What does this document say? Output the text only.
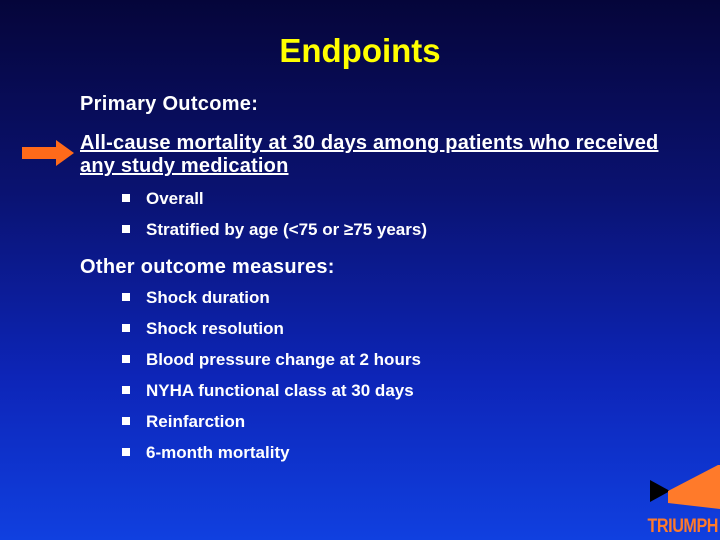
Endpoints
Primary Outcome:
All-cause mortality at 30 days among patients who received any study medication
Overall
Stratified by age (<75 or ≥75 years)
Other outcome measures:
Shock duration
Shock resolution
Blood pressure change at 2 hours
NYHA functional class at 30 days
Reinfarction
6-month mortality
TRIUMPH
